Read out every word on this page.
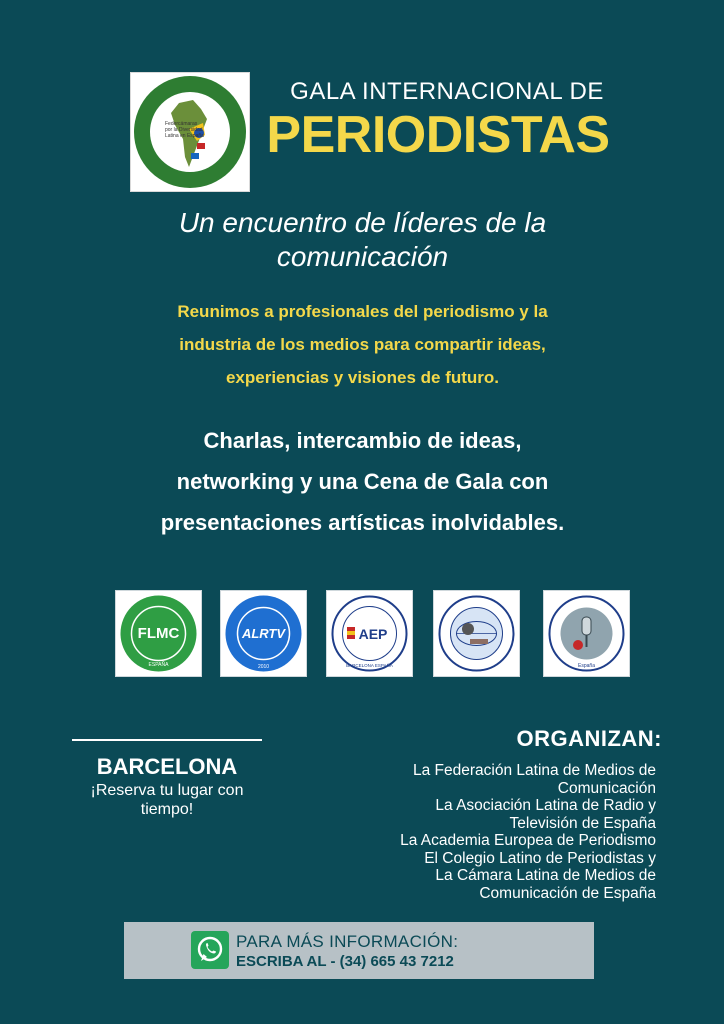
Federcámaras
por la Diversidad
Latina en España
GALA INTERNACIONAL DE
PERIODISTAS
Un encuentro de líderes de la
comunicación
Reunimos a profesionales del periodismo y la
industria de los medios para compartir ideas,
experiencias y visiones de futuro.
Charlas, intercambio de ideas,
networking y una Cena de Gala con
presentaciones artísticas inolvidables.
FLMC
ESPAÑA
ALRTV
2010
AEP
BARCELONA ESPAÑA	España
BARCELONA
¡Reserva tu lugar con
tiempo!
ORGANIZAN:
La Federación Latina de Medios de
Comunicación
La Asociación Latina de Radio y
Televisión de España
La Academia Europea de Periodismo
El Colegio Latino de Periodistas y
La Cámara Latina de Medios de
Comunicación de España
PARA MÁS INFORMACIÓN:
ESCRIBA AL - (34) 665 43 7212
